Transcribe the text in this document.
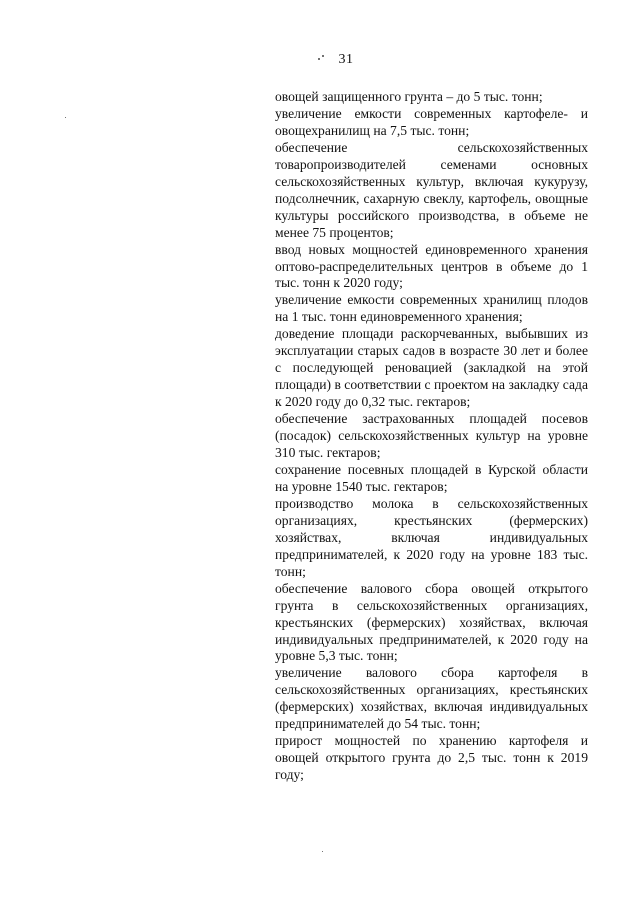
31

овощей защищенного грунта – до 5 тыс. тонн;

увеличение емкости современных картофеле- и овощехранилищ на 7,5 тыс. тонн;

обеспечение сельскохозяйственных товаропроизводителей семенами основных сельскохозяйственных культур, включая кукурузу, подсолнечник, сахарную свеклу, картофель, овощные культуры российского производства, в объеме не менее 75 процентов;

ввод новых мощностей единовременного хранения оптово-распределительных центров в объеме до 1 тыс. тонн к 2020 году;

увеличение емкости современных хранилищ плодов на 1 тыс. тонн единовременного хранения;

доведение площади раскорчеванных, выбывших из эксплуатации старых садов в возрасте 30 лет и более с последующей реновацией (закладкой на этой площади) в соответствии с проектом на закладку сада к 2020 году до 0,32 тыс. гектаров;

обеспечение застрахованных площадей посевов (посадок) сельскохозяйственных культур на уровне 310 тыс. гектаров;

сохранение посевных площадей в Курской области на уровне 1540 тыс. гектаров;

производство молока в сельскохозяйственных организациях, крестьянских (фермерских) хозяйствах, включая индивидуальных предпринимателей, к 2020 году на уровне 183 тыс. тонн;

обеспечение валового сбора овощей открытого грунта в сельскохозяйственных организациях, крестьянских (фермерских) хозяйствах, включая индивидуальных предпринимателей, к 2020 году на уровне 5,3 тыс. тонн;

увеличение валового сбора картофеля в сельскохозяйственных организациях, крестьянских (фермерских) хозяйствах, включая индивидуальных предпринимателей до 54 тыс. тонн;

прирост мощностей по хранению картофеля и овощей открытого грунта до 2,5 тыс. тонн к 2019 году;
